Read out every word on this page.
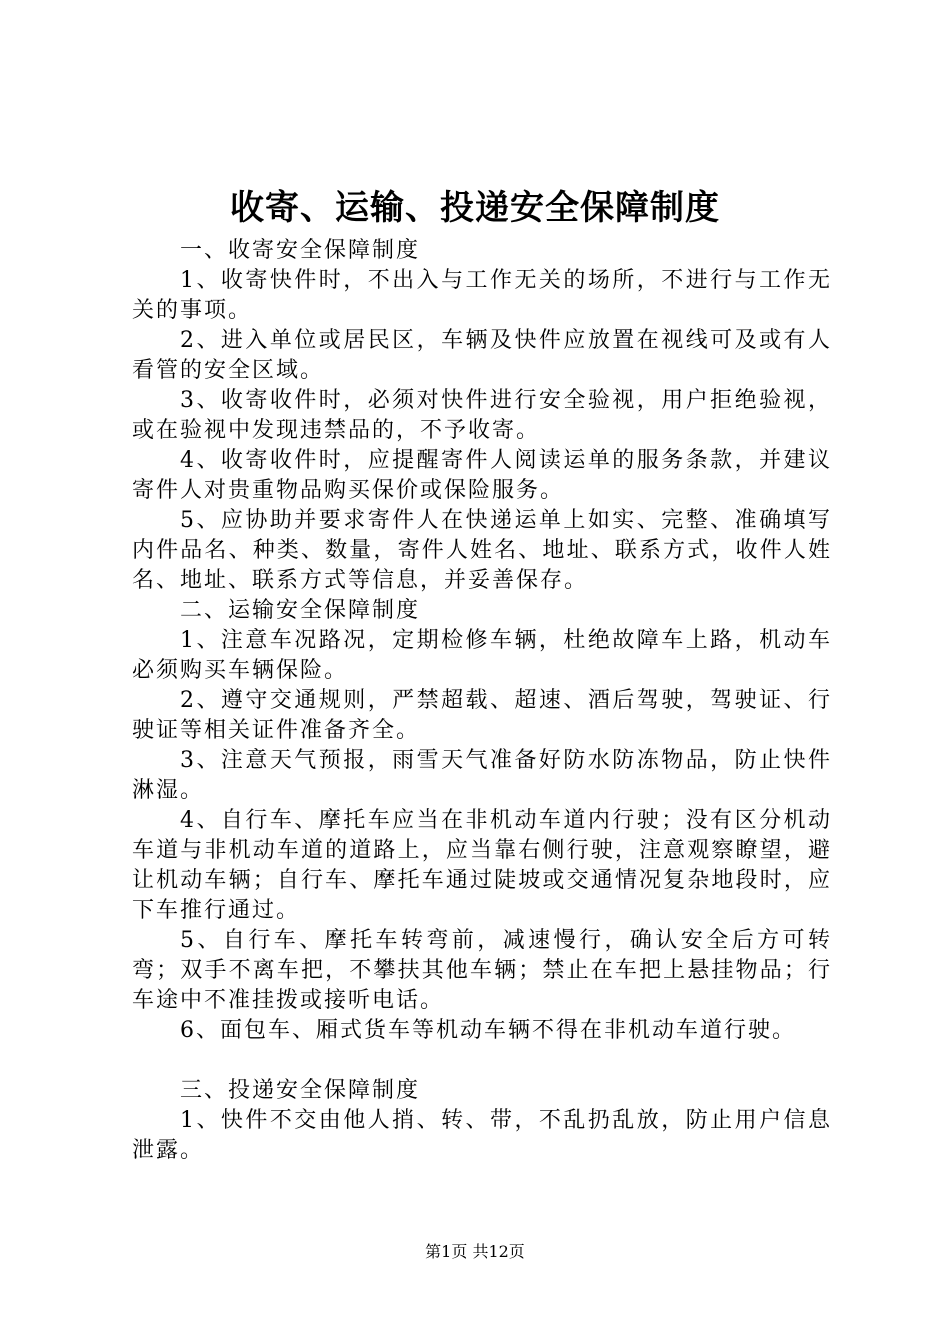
收寄、运输、投递安全保障制度

一、收寄安全保障制度

1、收寄快件时，不出入与工作无关的场所，不进行与工作无关的事项。

2、进入单位或居民区，车辆及快件应放置在视线可及或有人看管的安全区域。

3、收寄收件时，必须对快件进行安全验视，用户拒绝验视，或在验视中发现违禁品的，不予收寄。

4、收寄收件时，应提醒寄件人阅读运单的服务条款，并建议寄件人对贵重物品购买保价或保险服务。

5、应协助并要求寄件人在快递运单上如实、完整、准确填写内件品名、种类、数量，寄件人姓名、地址、联系方式，收件人姓名、地址、联系方式等信息，并妥善保存。

二、运输安全保障制度

1、注意车况路况，定期检修车辆，杜绝故障车上路，机动车必须购买车辆保险。

2、遵守交通规则，严禁超载、超速、酒后驾驶，驾驶证、行驶证等相关证件准备齐全。

3、注意天气预报，雨雪天气准备好防水防冻物品，防止快件淋湿。

4、自行车、摩托车应当在非机动车道内行驶；没有区分机动车道与非机动车道的道路上，应当靠右侧行驶，注意观察瞭望，避让机动车辆；自行车、摩托车通过陡坡或交通情况复杂地段时，应下车推行通过。

5、自行车、摩托车转弯前，减速慢行，确认安全后方可转弯；双手不离车把，不攀扶其他车辆；禁止在车把上悬挂物品；行车途中不准挂拨或接听电话。

6、面包车、厢式货车等机动车辆不得在非机动车道行驶。

三、投递安全保障制度

1、快件不交由他人捎、转、带，不乱扔乱放，防止用户信息泄露。

第1页 共12页
